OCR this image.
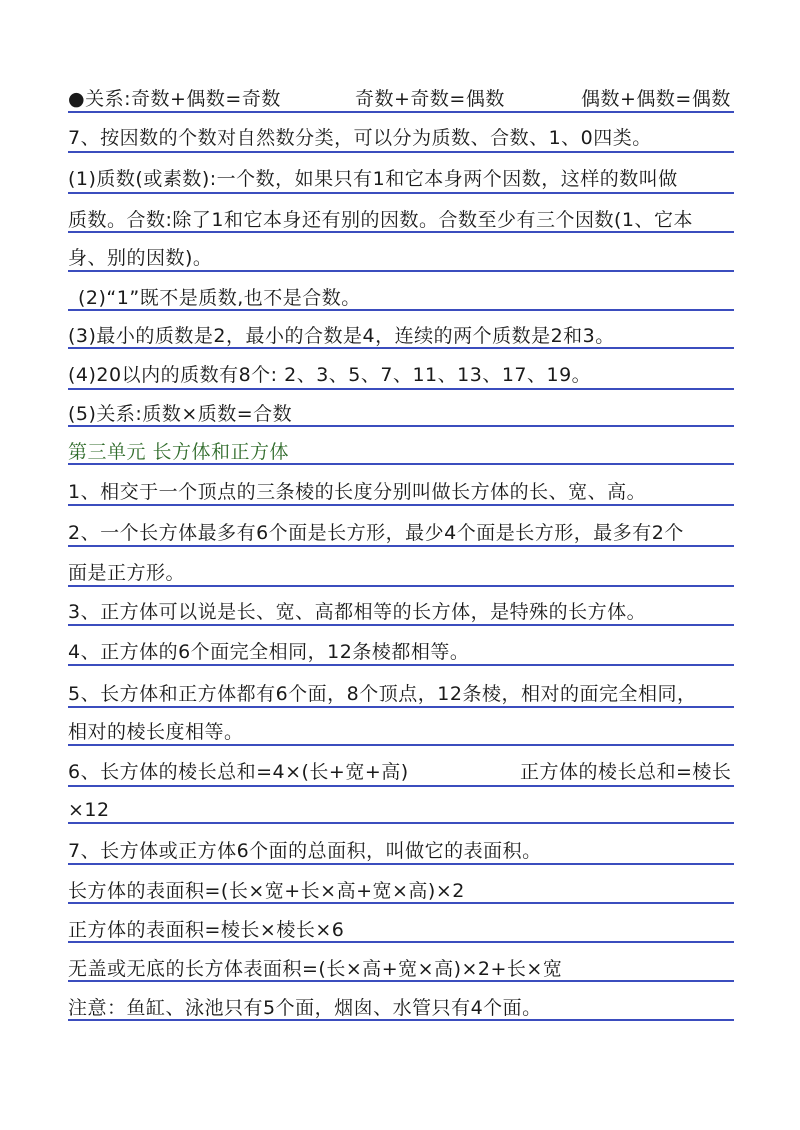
●关系:奇数+偶数=奇数	奇数+奇数=偶数	偶数+偶数=偶数
7、按因数的个数对自然数分类，可以分为质数、合数、1、0四类。
(1)质数(或素数):一个数，如果只有1和它本身两个因数，这样的数叫做
质数。合数:除了1和它本身还有别的因数。合数至少有三个因数(1、它本
身、别的因数)。
(2)“1”既不是质数,也不是合数。
(3)最小的质数是2，最小的合数是4，连续的两个质数是2和3。
(4)20以内的质数有8个: 2、3、5、7、11、13、17、19。
(5)关系:质数×质数=合数
第三单元 长方体和正方体
1、相交于一个顶点的三条棱的长度分别叫做长方体的长、宽、高。
2、一个长方体最多有6个面是长方形，最少4个面是长方形，最多有2个
面是正方形。
3、正方体可以说是长、宽、高都相等的长方体，是特殊的长方体。
4、正方体的6个面完全相同，12条棱都相等。
5、长方体和正方体都有6个面，8个顶点，12条棱，相对的面完全相同，
相对的棱长度相等。
6、长方体的棱长总和=4×(长+宽+高)	正方体的棱长总和=棱长
×12
7、长方体或正方体6个面的总面积，叫做它的表面积。
长方体的表面积=(长×宽+长×高+宽×高)×2
正方体的表面积=棱长×棱长×6
无盖或无底的长方体表面积=(长×高+宽×高)×2+长×宽
注意：鱼缸、泳池只有5个面，烟囱、水管只有4个面。
